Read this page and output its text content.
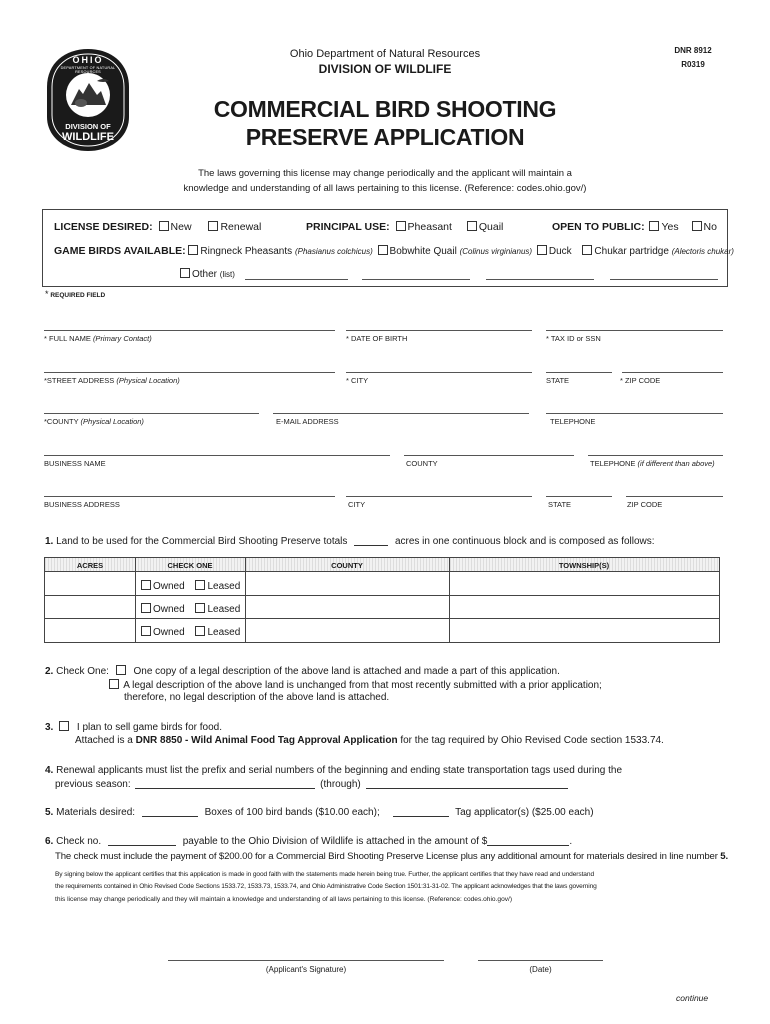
OHIO
DEPARTMENT OF NATURAL RESOURCES
DIVISION OF
WILDLIFE
Ohio Department of Natural Resources
DIVISION OF WILDLIFE
DNR 8912
R0319
COMMERCIAL BIRD SHOOTING
PRESERVE APPLICATION
The laws governing this license may change periodically and the applicant will maintain a
knowledge and understanding of all laws pertaining to this license. (Reference: codes.ohio.gov/)
LICENSE DESIRED: New	Renewal	PRINCIPAL USE: Pheasant	Quail	OPEN TO PUBLIC: Yes No
GAME BIRDS AVAILABLE: Ringneck Pheasants (Phasianus colchicus) Bobwhite Quail (Colinus virginianus) Duck Chukar partridge (Alectoris chukar)
Other (list)
* REQUIRED FIELD
* FULL NAME (Primary Contact)	* DATE OF BIRTH	* TAX ID or SSN
*STREET ADDRESS (Physical Location)	* CITY	STATE	* ZIP CODE
*COUNTY (Physical Location)	E-MAIL ADDRESS	TELEPHONE
BUSINESS NAME	COUNTY	TELEPHONE (if different than above)
BUSINESS ADDRESS	CITY	STATE	ZIP CODE
1. Land to be used for the Commercial Bird Shooting Preserve totals	acres in one continuous block and is composed as follows:
ACRES	CHECK ONE	COUNTY	TOWNSHIP(S)
Owned Leased
Owned Leased
Owned Leased
2. Check One: One copy of a legal description of the above land is attached and made a part of this application.
A legal description of the above land is unchanged from that most recently submitted with a prior application;
therefore, no legal description of the above land is attached.
3. I plan to sell game birds for food.
Attached is a DNR 8850 - Wild Animal Food Tag Approval Application for the tag required by Ohio Revised Code section 1533.74.
4. Renewal applicants must list the prefix and serial numbers of the beginning and ending state transportation tags used during the
previous season:	(through)
5. Materials desired:	Boxes of 100 bird bands ($10.00 each);	Tag applicator(s) ($25.00 each)
6. Check no.	payable to the Ohio Division of Wildlife is attached in the amount of $	.
The check must include the payment of $200.00 for a Commercial Bird Shooting Preserve License plus any additional amount for materials desired in line number 5.
By signing below the applicant certifies that this application is made in good faith with the statements made herein being true. Further, the applicant certifies that they have read and understand
the requirements contained in Ohio Revised Code Sections 1533.72, 1533.73, 1533.74, and Ohio Administrative Code Section 1501:31-31-02. The applicant acknowledges that the laws governing
this license may change periodically and they will maintain a knowledge and understanding of all laws pertaining to this license. (Reference: codes.ohio.gov/)
(Applicant's Signature)	(Date)
continue
